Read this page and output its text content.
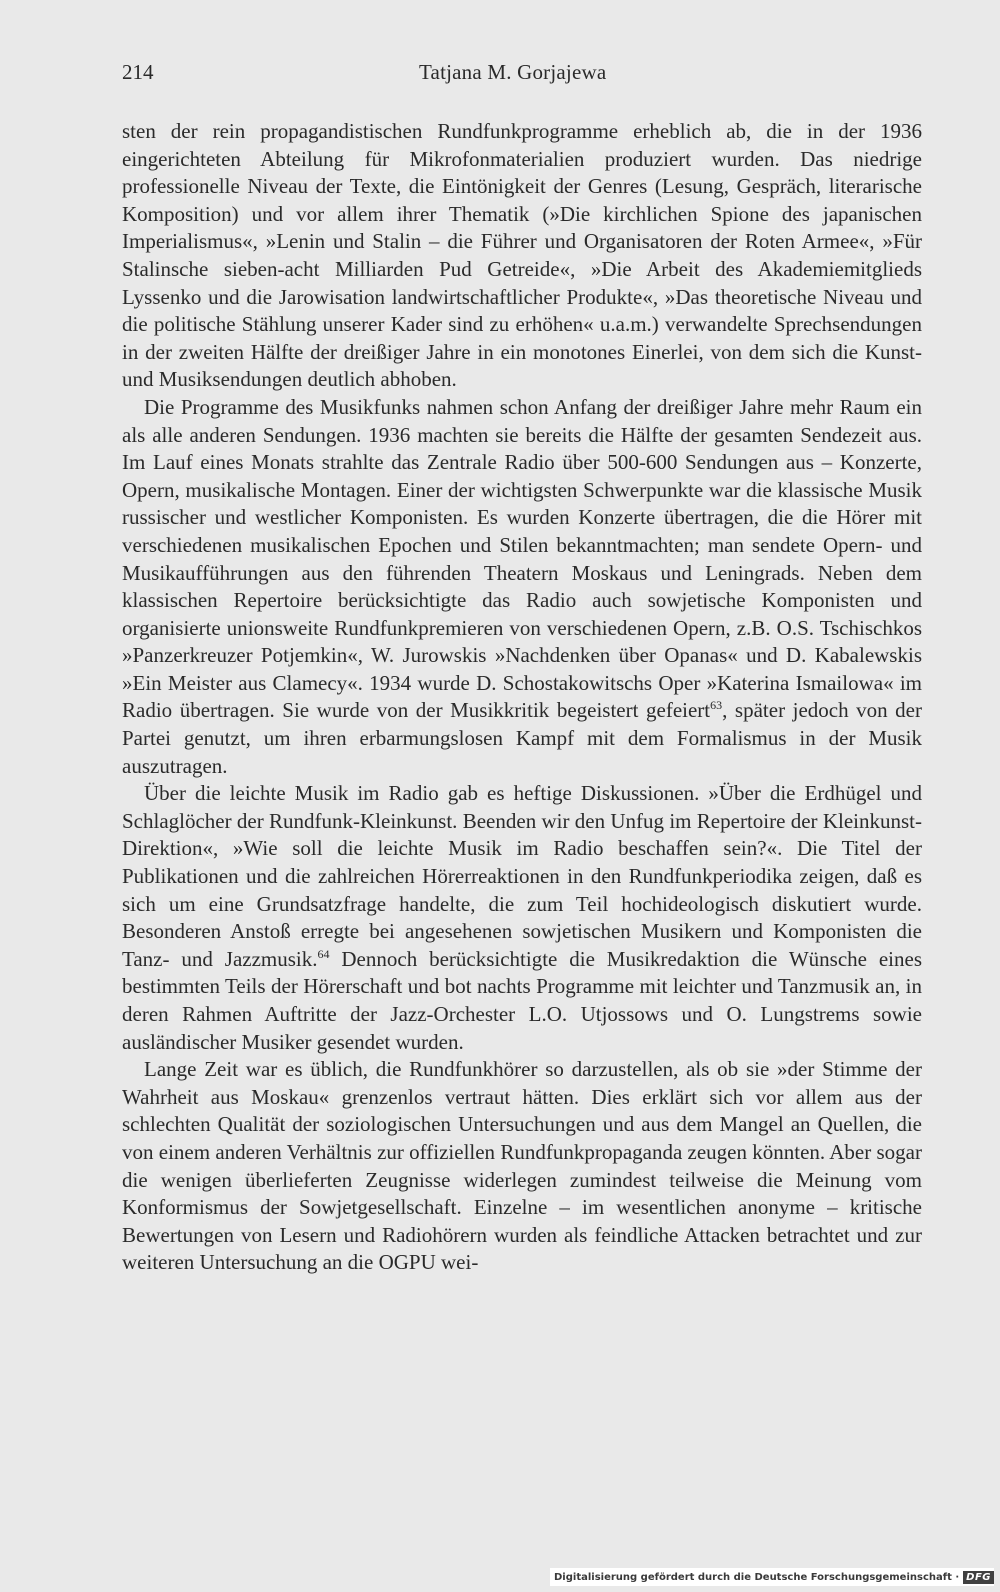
214	Tatjana M. Gorjajewa

sten der rein propagandistischen Rundfunkprogramme erheblich ab, die in der 1936 eingerichteten Abteilung für Mikrofonmaterialien produziert wurden. Das niedrige professionelle Niveau der Texte, die Eintönigkeit der Genres (Lesung, Gespräch, literarische Komposition) und vor allem ihrer Thematik (»Die kirchlichen Spione des japanischen Imperialismus«, »Lenin und Stalin – die Führer und Organisatoren der Roten Armee«, »Für Stalinsche sieben-acht Milliarden Pud Getreide«, »Die Arbeit des Akademiemitglieds Lyssenko und die Jarowisation landwirtschaftlicher Produkte«, »Das theoretische Niveau und die politische Stählung unserer Kader sind zu erhöhen« u.a.m.) verwandelte Sprechsendungen in der zweiten Hälfte der dreißiger Jahre in ein monotones Einerlei, von dem sich die Kunst- und Musiksendungen deutlich abhoben.

Die Programme des Musikfunks nahmen schon Anfang der dreißiger Jahre mehr Raum ein als alle anderen Sendungen. 1936 machten sie bereits die Hälfte der gesamten Sendezeit aus. Im Lauf eines Monats strahlte das Zentrale Radio über 500-600 Sendungen aus – Konzerte, Opern, musikalische Montagen. Einer der wichtigsten Schwerpunkte war die klassische Musik russischer und westlicher Komponisten. Es wurden Konzerte übertragen, die die Hörer mit verschiedenen musikalischen Epochen und Stilen bekanntmachten; man sendete Opern- und Musikaufführungen aus den führenden Theatern Moskaus und Leningrads. Neben dem klassischen Repertoire berücksichtigte das Radio auch sowjetische Komponisten und organisierte unionsweite Rundfunkpremieren von verschiedenen Opern, z.B. O.S. Tschischkos »Panzerkreuzer Potjemkin«, W. Jurowskis »Nachdenken über Opanas« und D. Kabalewskis »Ein Meister aus Clamecy«. 1934 wurde D. Schostakowitschs Oper »Katerina Ismailowa« im Radio übertragen. Sie wurde von der Musikkritik begeistert gefeiert$^{63}$, später jedoch von der Partei genutzt, um ihren erbarmungslosen Kampf mit dem Formalismus in der Musik auszutragen.

Über die leichte Musik im Radio gab es heftige Diskussionen. »Über die Erdhügel und Schlaglöcher der Rundfunk-Kleinkunst. Beenden wir den Unfug im Repertoire der Kleinkunst-Direktion«, »Wie soll die leichte Musik im Radio beschaffen sein?«. Die Titel der Publikationen und die zahlreichen Hörerreaktionen in den Rundfunkperiodika zeigen, daß es sich um eine Grundsatzfrage handelte, die zum Teil hochideologisch diskutiert wurde. Besonderen Anstoß erregte bei angesehenen sowjetischen Musikern und Komponisten die Tanz- und Jazzmusik.$^{64}$ Dennoch berücksichtigte die Musikredaktion die Wünsche eines bestimmten Teils der Hörerschaft und bot nachts Programme mit leichter und Tanzmusik an, in deren Rahmen Auftritte der Jazz-Orchester L.O. Utjossows und O. Lungstrems sowie ausländischer Musiker gesendet wurden.

Lange Zeit war es üblich, die Rundfunkhörer so darzustellen, als ob sie »der Stimme der Wahrheit aus Moskau« grenzenlos vertraut hätten. Dies erklärt sich vor allem aus der schlechten Qualität der soziologischen Untersuchungen und aus dem Mangel an Quellen, die von einem anderen Verhältnis zur offiziellen Rundfunkpropaganda zeugen könnten. Aber sogar die wenigen überlieferten Zeugnisse widerlegen zumindest teilweise die Meinung vom Konformismus der Sowjetgesellschaft. Einzelne – im wesentlichen anonyme – kritische Bewertungen von Lesern und Radiohörern wurden als feindliche Attacken betrachtet und zur weiteren Untersuchung an die OGPU wei-

Digitalisierung gefördert durch die Deutsche Forschungsgemeinschaft · DFG
